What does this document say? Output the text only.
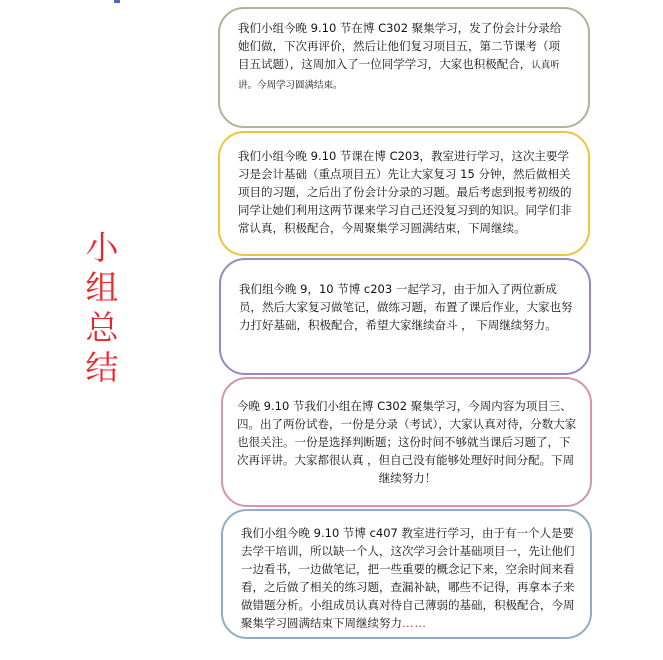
小
组
总
结

我们小组今晚 9.10 节在博 C302 聚集学习，发了份会计分录给她们做，下次再评价，然后让他们复习项目五，第二节课考（项目五试题），这周加入了一位同学学习，大家也积极配合，认真听讲。今周学习圆满结束。

我们小组今晚 9.10 节课在博 C203，教室进行学习，这次主要学习是会计基础（重点项目五）先让大家复习 15 分钟，然后做相关项目的习题，之后出了份会计分录的习题。最后考虑到报考初级的同学让她们利用这两节课来学习自己还没复习到的知识。同学们非常认真，积极配合，今周聚集学习圆满结束，下周继续。

我们组今晚 9，10 节博 c203 一起学习，由于加入了两位新成员，然后大家复习做笔记，做练习题，布置了课后作业，大家也努力打好基础，积极配合，希望大家继续奋斗 ， 下周继续努力。

今晚 9.10 节我们小组在博 C302 聚集学习，今周内容为项目三、四。出了两份试卷，一份是分录（考试），大家认真对待，分数大家也很关注。一份是选择判断题；这份时间不够就当课后习题了，下次再评讲。大家都很认真 ，但自己没有能够处理好时间分配。下周

继续努力！

我们小组今晚 9.10 节博 c407 教室进行学习，由于有一个人是要去学干培训，所以缺一个人，这次学习会计基础项目一，先让他们一边看书，一边做笔记，把一些重要的概念记下来，空余时间来看看，之后做了相关的练习题，查漏补缺，哪些不记得，再拿本子来做错题分析。小组成员认真对待自己薄弱的基础，积极配合，今周聚集学习圆满结束下周继续努力……
